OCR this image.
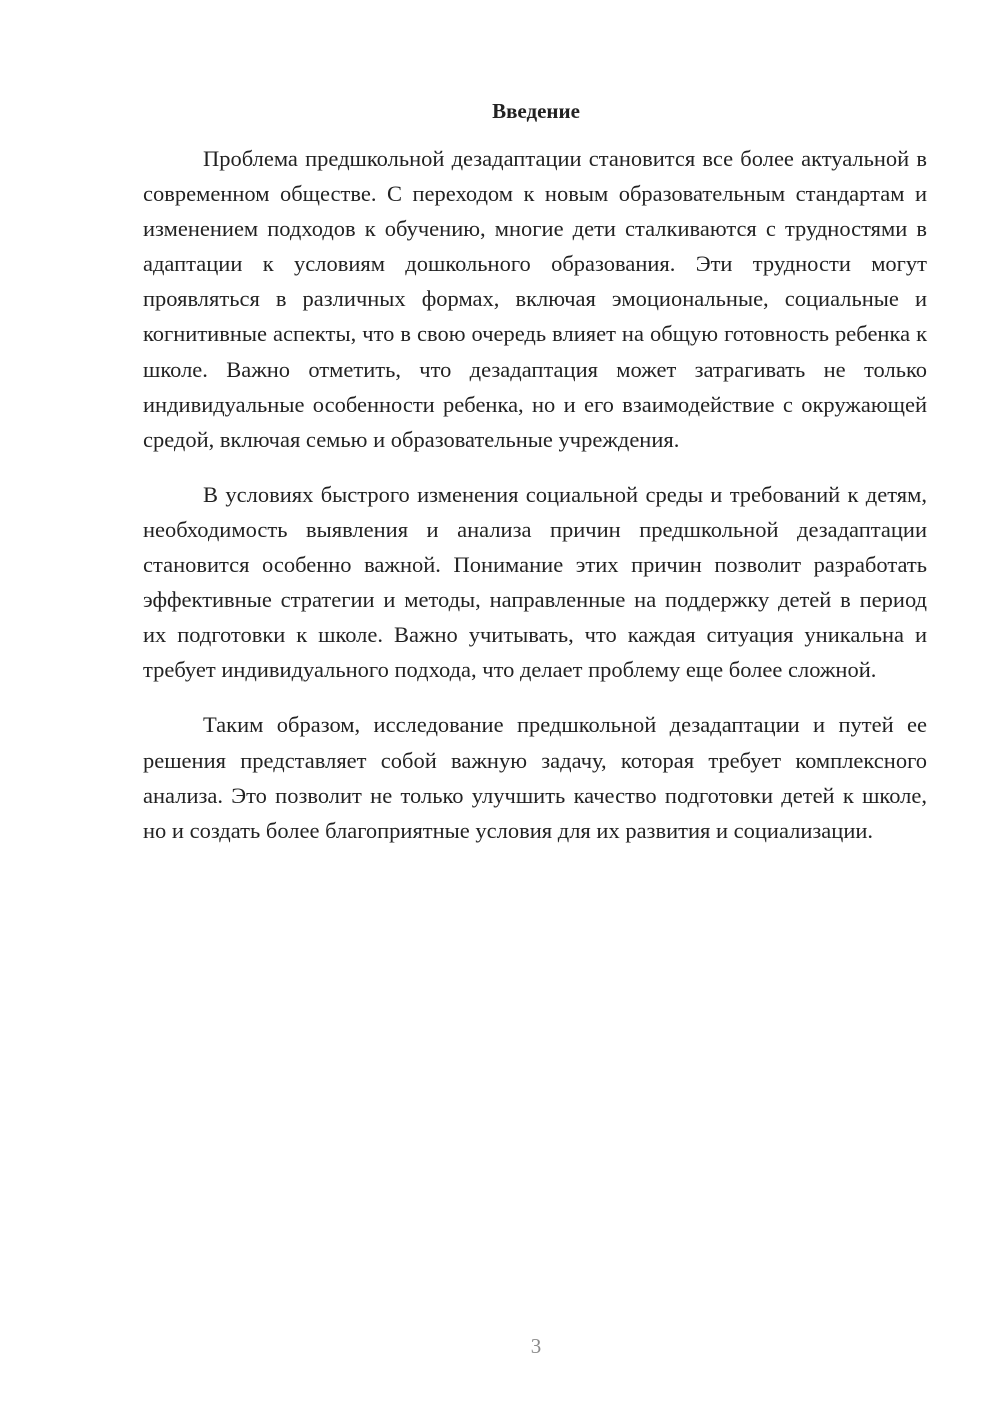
Введение

Проблема предшкольной дезадаптации становится все более актуальной в современном обществе. С переходом к новым образовательным стандартам и изменением подходов к обучению, многие дети сталкиваются с трудностями в адаптации к условиям дошкольного образования. Эти трудности могут проявляться в различных формах, включая эмоциональные, социальные и когнитивные аспекты, что в свою очередь влияет на общую готовность ребенка к школе. Важно отметить, что дезадаптация может затрагивать не только индивидуальные особенности ребенка, но и его взаимодействие с окружающей средой, включая семью и образовательные учреждения.

В условиях быстрого изменения социальной среды и требований к детям, необходимость выявления и анализа причин предшкольной дезадаптации становится особенно важной. Понимание этих причин позволит разработать эффективные стратегии и методы, направленные на поддержку детей в период их подготовки к школе. Важно учитывать, что каждая ситуация уникальна и требует индивидуального подхода, что делает проблему еще более сложной.

Таким образом, исследование предшкольной дезадаптации и путей ее решения представляет собой важную задачу, которая требует комплексного анализа. Это позволит не только улучшить качество подготовки детей к школе, но и создать более благоприятные условия для их развития и социализации.

3
